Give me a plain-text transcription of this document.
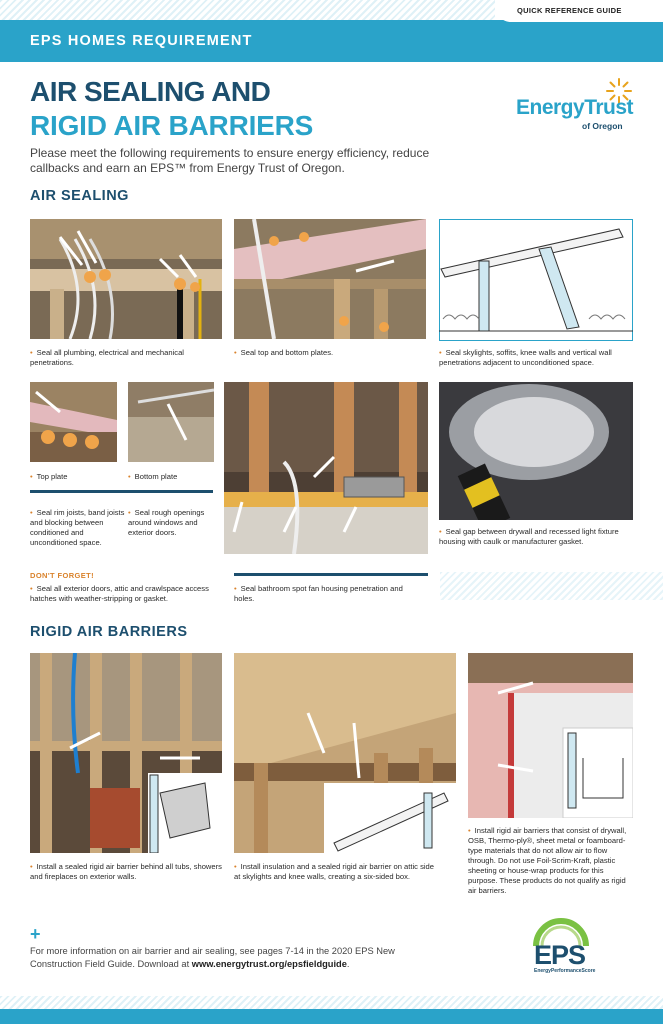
QUICK REFERENCE GUIDE
EPS HOMES REQUIREMENT
AIR SEALING AND
RIGID AIR BARRIERS
Please meet the following requirements to ensure energy efficiency, reduce callbacks and earn an EPS™ from Energy Trust of Oregon.
EnergyTrust
of Oregon
AIR SEALING
• Seal all plumbing, electrical and mechanical penetrations.
• Seal top and bottom plates.	• Seal skylights, soffits, knee walls and vertical wall penetrations adjacent to unconditioned space.
• Top plate	• Bottom plate
• Seal rim joists, band joists and blocking between conditioned and unconditioned space.
• Seal rough openings around windows and exterior doors.	• Seal gap between drywall and recessed light fixture housing with caulk or manufacturer gasket.
DON'T FORGET!
• Seal all exterior doors, attic and crawlspace access hatches with weather-stripping or gasket.
• Seal bathroom spot fan housing penetration and holes.
RIGID AIR BARRIERS
• Install a sealed rigid air barrier behind all tubs, showers and fireplaces on exterior walls.
• Install insulation and a sealed rigid air barrier on attic side at skylights and knee walls, creating a six-sided box.
• Install rigid air barriers that consist of drywall, OSB, Thermo-ply®, sheet metal or foamboard-type materials that do not allow air to flow through. Do not use Foil-Scrim-Kraft, plastic sheeting or house-wrap products for this purpose. These products do not qualify as rigid air barriers.
+
For more information on air barrier and air sealing, see pages 7-14 in the 2020 EPS New Construction Field Guide. Download at www.energytrust.org/epsfieldguide.	EPS
EnergyPerformanceScore
